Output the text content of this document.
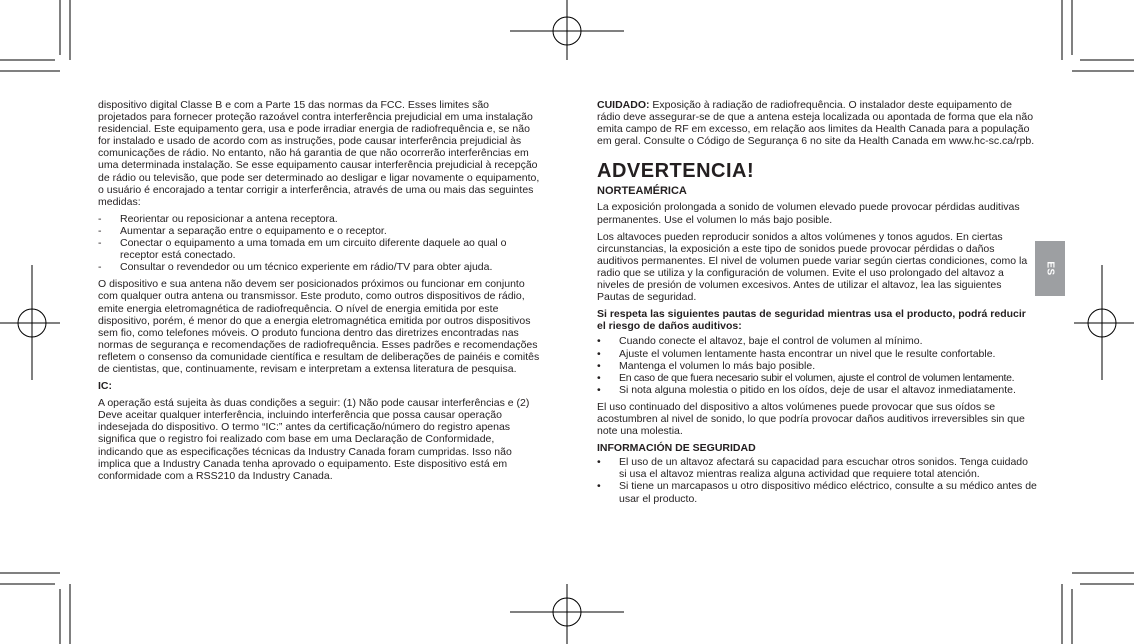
dispositivo digital Classe B e com a Parte 15 das normas da FCC. Esses limites são projetados para fornecer proteção razoável contra interferência prejudicial em uma instalação residencial. Este equipamento gera, usa e pode irradiar energia de radiofrequência e, se não for instalado e usado de acordo com as instruções, pode causar interferência prejudicial às comunicações de rádio. No entanto, não há garantia de que não ocorrerão interferências em uma determinada instalação. Se esse equipamento causar interferência prejudicial à recepção de rádio ou televisão, que pode ser determinado ao desligar e ligar novamente o equipamento, o usuário é encorajado a tentar corrigir a interferência, através de uma ou mais das seguintes medidas:

-	Reorientar ou reposicionar a antena receptora.
-	Aumentar a separação entre o equipamento e o receptor.
-	Conectar o equipamento a uma tomada em um circuito diferente daquele ao qual o receptor está conectado.
-	Consultar o revendedor ou um técnico experiente em rádio/TV para obter ajuda.

O dispositivo e sua antena não devem ser posicionados próximos ou funcionar em conjunto com qualquer outra antena ou transmissor. Este produto, como outros dispositivos de rádio, emite energia eletromagnética de radiofrequência. O nível de energia emitida por este dispositivo, porém, é menor do que a energia eletromagnética emitida por outros dispositivos sem fio, como telefones móveis. O produto funciona dentro das diretrizes encontradas nas normas de segurança e recomendações de radiofrequência. Esses padrões e recomendações refletem o consenso da comunidade científica e resultam de deliberações de painéis e comitês de cientistas, que, continuamente, revisam e interpretam a extensa literatura de pesquisa.

IC:

A operação está sujeita às duas condições a seguir: (1) Não pode causar interferências e (2) Deve aceitar qualquer interferência, incluindo interferência que possa causar operação indesejada do dispositivo. O termo “IC:” antes da certificação/número do registro apenas significa que o registro foi realizado com base em uma Declaração de Conformidade, indicando que as especificações técnicas da Industry Canada foram cumpridas. Isso não implica que a Industry Canada tenha aprovado o equipamento. Este dispositivo está em conformidade com a RSS210 da Industry Canada.

CUIDADO: Exposição à radiação de radiofrequência. O instalador deste equipamento de rádio deve assegurar-se de que a antena esteja localizada ou apontada de forma que ela não emita campo de RF em excesso, em relação aos limites da Health Canada para a população em geral. Consulte o Código de Segurança 6 no site da Health Canada em www.hc-sc.ca/rpb.

ADVERTENCIA!
NORTEAMÉRICA

La exposición prolongada a sonido de volumen elevado puede provocar pérdidas auditivas permanentes. Use el volumen lo más bajo posible.

Los altavoces pueden reproducir sonidos a altos volúmenes y tonos agudos. En ciertas circunstancias, la exposición a este tipo de sonidos puede provocar pérdidas o daños auditivos permanentes. El nivel de volumen puede variar según ciertas condiciones, como la radio que se utiliza y la configuración de volumen. Evite el uso prolongado del altavoz a niveles de presión de volumen excesivos. Antes de utilizar el altavoz, lea las siguientes Pautas de seguridad.

Si respeta las siguientes pautas de seguridad mientras usa el producto, podrá reducir el riesgo de daños auditivos:

•	Cuando conecte el altavoz, baje el control de volumen al mínimo.
•	Ajuste el volumen lentamente hasta encontrar un nivel que le resulte confortable.
•	Mantenga el volumen lo más bajo posible.
•	En caso de que fuera necesario subir el volumen, ajuste el control de volumen lentamente.
•	Si nota alguna molestia o pitido en los oídos, deje de usar el altavoz inmediatamente.

El uso continuado del dispositivo a altos volúmenes puede provocar que sus oídos se acostumbren al nivel de sonido, lo que podría provocar daños auditivos irreversibles sin que note una molestia.

INFORMACIÓN DE SEGURIDAD

•	El uso de un altavoz afectará su capacidad para escuchar otros sonidos. Tenga cuidado si usa el altavoz mientras realiza alguna actividad que requiere total atención.
•	Si tiene un marcapasos u otro dispositivo médico eléctrico, consulte a su médico antes de usar el producto.
ES
